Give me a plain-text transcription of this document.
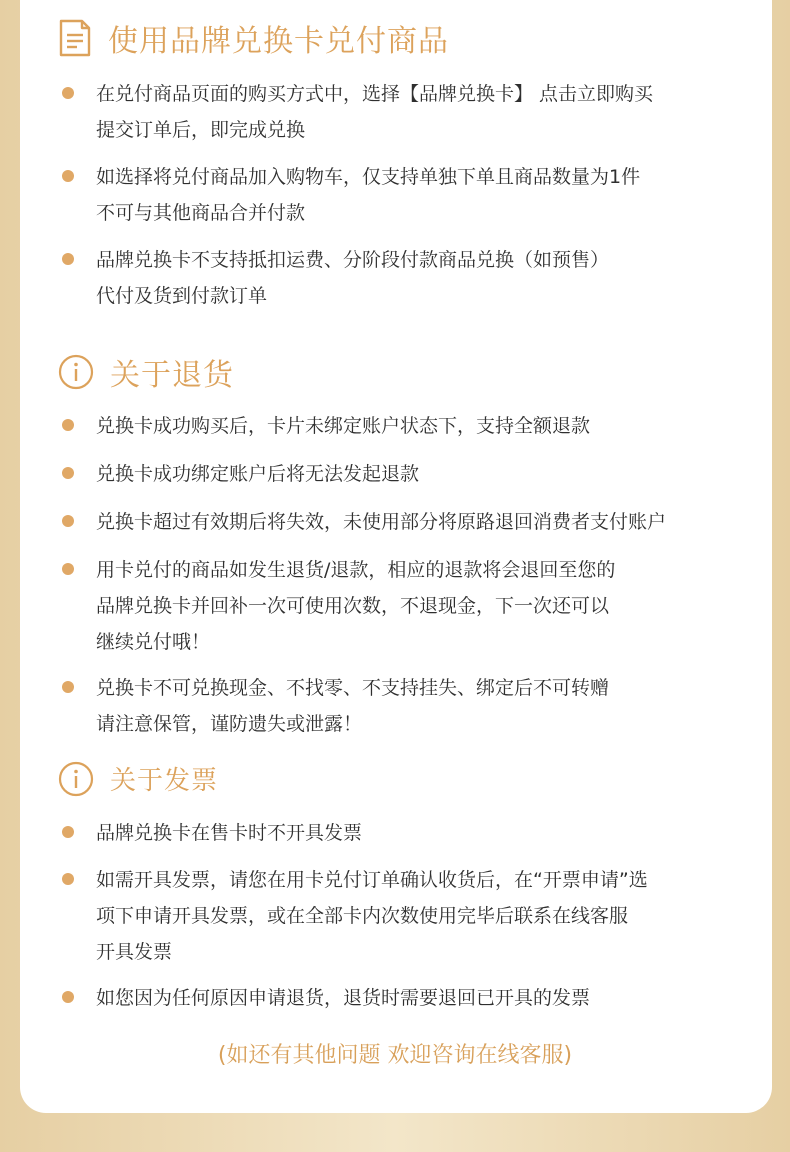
使用品牌兑换卡兑付商品
在兑付商品页面的购买方式中，选择【品牌兑换卡】 点击立即购买
提交订单后，即完成兑换
如选择将兑付商品加入购物车，仅支持单独下单且商品数量为1件
不可与其他商品合并付款
品牌兑换卡不支持抵扣运费、分阶段付款商品兑换（如预售）
代付及货到付款订单
关于退货
兑换卡成功购买后，卡片未绑定账户状态下，支持全额退款
兑换卡成功绑定账户后将无法发起退款
兑换卡超过有效期后将失效，未使用部分将原路退回消费者支付账户
用卡兑付的商品如发生退货/退款，相应的退款将会退回至您的
品牌兑换卡并回补一次可使用次数，不退现金，下一次还可以
继续兑付哦！
兑换卡不可兑换现金、不找零、不支持挂失、绑定后不可转赠
请注意保管，谨防遗失或泄露！
关于发票
品牌兑换卡在售卡时不开具发票
如需开具发票，请您在用卡兑付订单确认收货后，在“开票申请”选
项下申请开具发票，或在全部卡内次数使用完毕后联系在线客服
开具发票
如您因为任何原因申请退货，退货时需要退回已开具的发票
(如还有其他问题 欢迎咨询在线客服)
